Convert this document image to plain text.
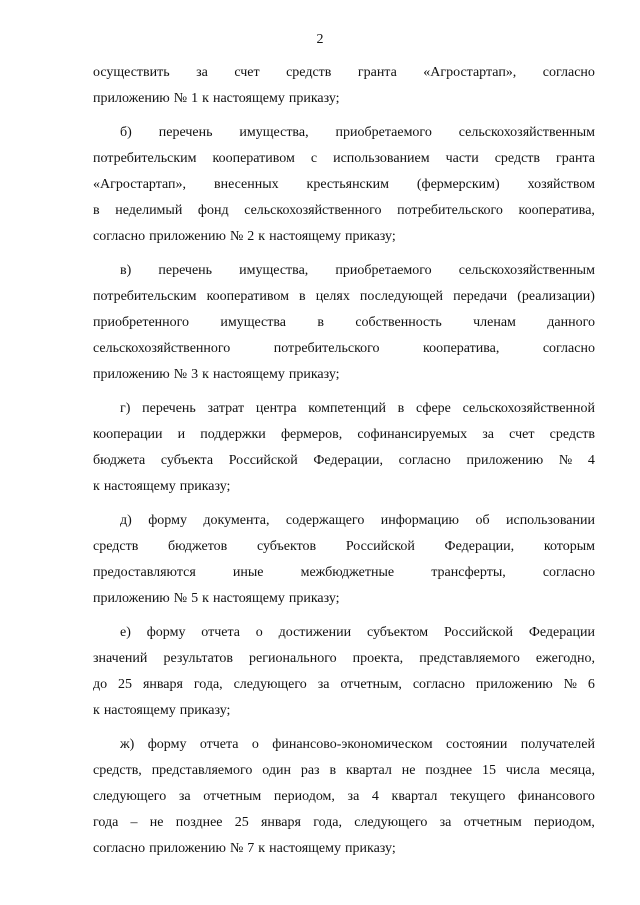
2
осуществить за счет средств гранта «Агростартап», согласно
приложению № 1 к настоящему приказу;
б) перечень имущества, приобретаемого сельскохозяйственным
потребительским кооперативом с использованием части средств гранта
«Агростартап», внесенных крестьянским (фермерским) хозяйством
в неделимый фонд сельскохозяйственного потребительского кооператива,
согласно приложению № 2 к настоящему приказу;
в) перечень имущества, приобретаемого сельскохозяйственным
потребительским кооперативом в целях последующей передачи (реализации)
приобретенного имущества в собственность членам данного
сельскохозяйственного	потребительского	кооператива,	согласно
приложению № 3 к настоящему приказу;
г) перечень затрат центра компетенций в сфере сельскохозяйственной
кооперации и поддержки фермеров, софинансируемых за счет средств
бюджета субъекта Российской Федерации, согласно приложению № 4
к настоящему приказу;
д) форму документа, содержащего информацию об использовании
средств бюджетов субъектов Российской Федерации, которым
предоставляются	иные	межбюджетные	трансферты,	согласно
приложению № 5 к настоящему приказу;
е) форму отчета о достижении субъектом Российской Федерации
значений результатов регионального проекта, представляемого ежегодно,
до 25 января года, следующего за отчетным, согласно приложению № 6
к настоящему приказу;
ж) форму отчета о финансово-экономическом состоянии получателей
средств, представляемого один раз в квартал не позднее 15 числа месяца,
следующего за отчетным периодом, за 4 квартал текущего финансового
года – не позднее 25 января года, следующего за отчетным периодом,
согласно приложению № 7 к настоящему приказу;
